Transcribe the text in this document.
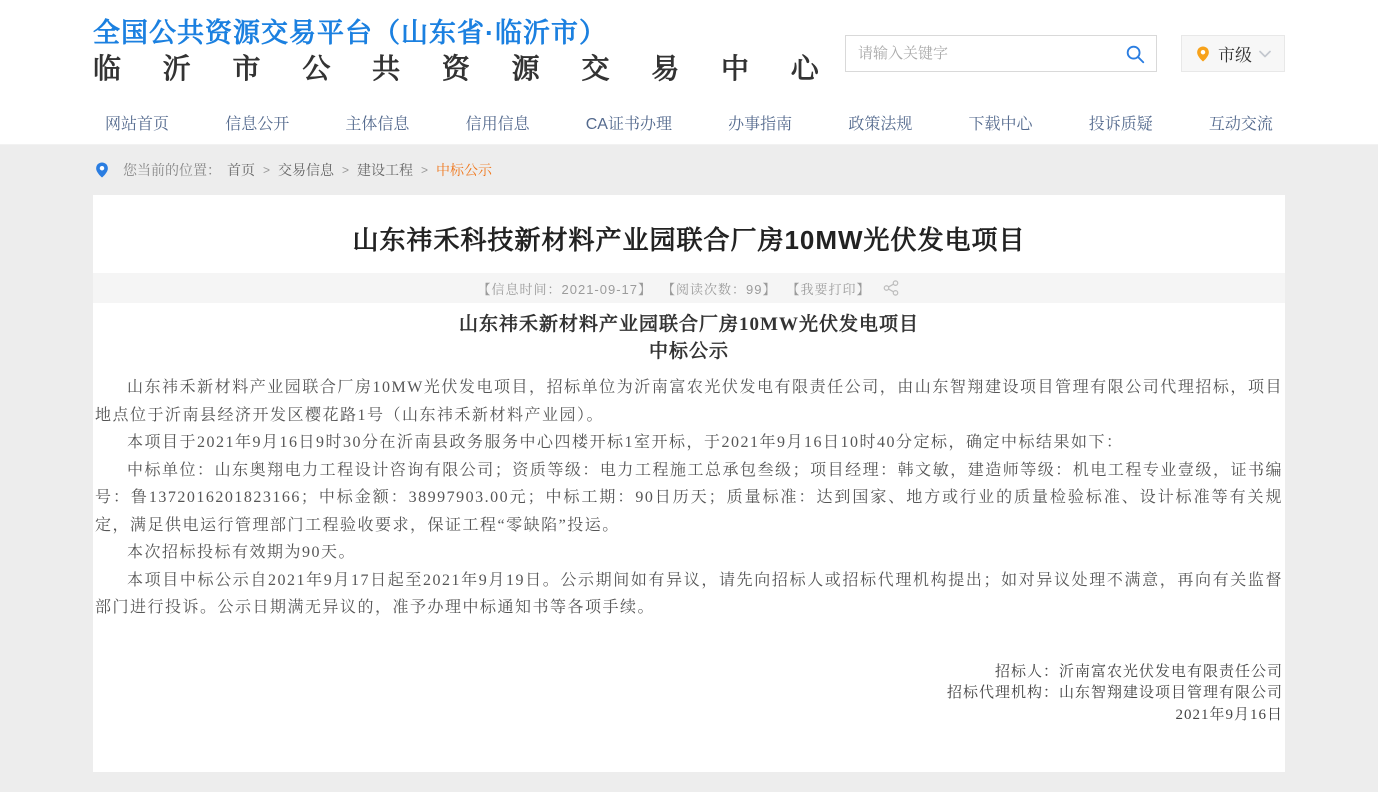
全国公共资源交易平台（山东省·临沂市）
临 沂 市 公 共 资 源 交 易 中 心
请输入关键字	市级
网站首页	信息公开	主体信息	信用信息	CA证书办理	办事指南	政策法规	下载中心	投诉质疑	互动交流
您当前的位置： 首页 > 交易信息 > 建设工程 > 中标公示
山东祎禾科技新材料产业园联合厂房10MW光伏发电项目
【信息时间：2021-09-17】 【阅读次数：99】 【我要打印】
山东祎禾新材料产业园联合厂房10MW光伏发电项目
中标公示

山东祎禾新材料产业园联合厂房10MW光伏发电项目，招标单位为沂南富农光伏发电有限责任公司，由山东智翔建设项目管理有限公司代理招标，项目地点位于沂南县经济开发区樱花路1号（山东祎禾新材料产业园）。

本项目于2021年9月16日9时30分在沂南县政务服务中心四楼开标1室开标，于2021年9月16日10时40分定标，确定中标结果如下：

中标单位：山东奥翔电力工程设计咨询有限公司；资质等级：电力工程施工总承包叁级；项目经理：韩文敏，建造师等级：机电工程专业壹级，证书编号：鲁1372016201823166；中标金额：38997903.00元；中标工期：90日历天；质量标准：达到国家、地方或行业的质量检验标准、设计标准等有关规定，满足供电运行管理部门工程验收要求，保证工程“零缺陷”投运。

本次招标投标有效期为90天。

本项目中标公示自2021年9月17日起至2021年9月19日。公示期间如有异议，请先向招标人或招标代理机构提出；如对异议处理不满意，再向有关监督部门进行投诉。公示日期满无异议的，准予办理中标通知书等各项手续。

招标人：沂南富农光伏发电有限责任公司
招标代理机构：山东智翔建设项目管理有限公司
2021年9月16日
